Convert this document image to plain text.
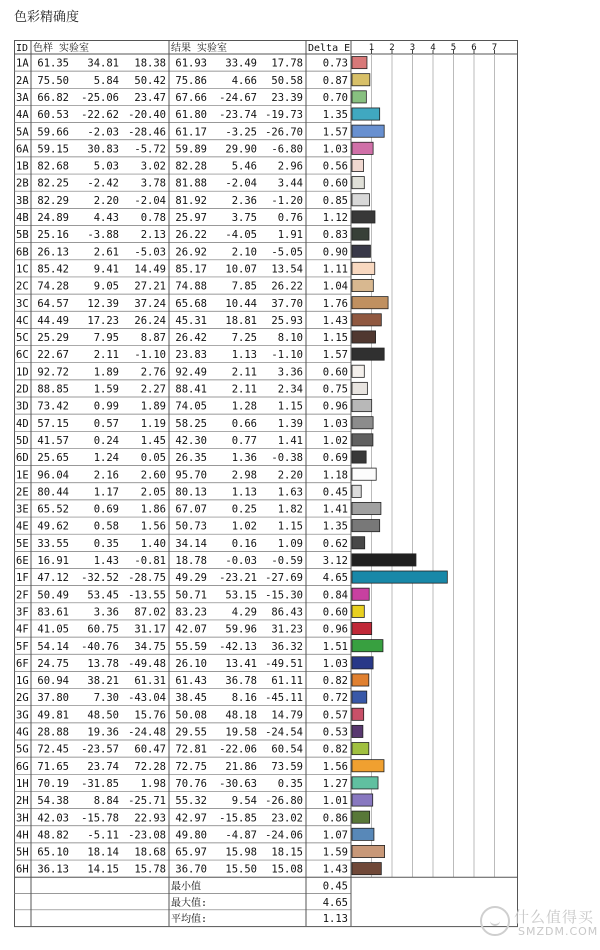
色彩精确度
ID 色样 实验室	结果 实验室	Delta E 1 2 3 4 5 6 7
1A 61.35 34.81 18.38 61.93 33.49 17.78 0.73
2A 75.50 5.84 50.42 75.86 4.66 50.58 0.87
3A 66.82 -25.06 23.47 67.66 -24.67 23.39 0.70
4A 60.53 -22.62 -20.40 61.80 -23.74 -19.73 1.35
5A 59.66 -2.03 -28.46 61.17 -3.25 -26.70 1.57
6A 59.15 30.83 -5.72 59.89 29.90 -6.80 1.03
1B 82.68 5.03 3.02 82.28 5.46 2.96 0.56
2B 82.25 -2.42 3.78 81.88 -2.04 3.44 0.60
3B 82.29 2.20 -2.04 81.92 2.36 -1.20 0.85
4B 24.89 4.43 0.78 25.97 3.75 0.76 1.12
5B 25.16 -3.88 2.13 26.22 -4.05 1.91 0.83
6B 26.13 2.61 -5.03 26.92 2.10 -5.05 0.90
1C 85.42 9.41 14.49 85.17 10.07 13.54 1.11
2C 74.28 9.05 27.21 74.88 7.85 26.22 1.04
3C 64.57 12.39 37.24 65.68 10.44 37.70 1.76
4C 44.49 17.23 26.24 45.31 18.81 25.93 1.43
5C 25.29 7.95 8.87 26.42 7.25 8.10 1.15
6C 22.67 2.11 -1.10 23.83 1.13 -1.10 1.57
1D 92.72 1.89 2.76 92.49 2.11 3.36 0.60
2D 88.85 1.59 2.27 88.41 2.11 2.34 0.75
3D 73.42 0.99 1.89 74.05 1.28 1.15 0.96
4D 57.15 0.57 1.19 58.25 0.66 1.39 1.03
5D 41.57 0.24 1.45 42.30 0.77 1.41 1.02
6D 25.65 1.24 0.05 26.35 1.36 -0.38 0.69
1E 96.04 2.16 2.60 95.70 2.98 2.20 1.18
2E 80.44 1.17 2.05 80.13 1.13 1.63 0.45
3E 65.52 0.69 1.86 67.07 0.25 1.82 1.41
4E 49.62 0.58 1.56 50.73 1.02 1.15 1.35
5E 33.55 0.35 1.40 34.14 0.16 1.09 0.62
6E 16.91 1.43 -0.81 18.78 -0.03 -0.59 3.12
1F 47.12 -32.52 -28.75 49.29 -23.21 -27.69 4.65
2F 50.49 53.45 -13.55 50.71 53.15 -15.30 0.84
3F 83.61 3.36 87.02 83.23 4.29 86.43 0.60
4F 41.05 60.75 31.17 42.07 59.96 31.23 0.96
5F 54.14 -40.76 34.75 55.59 -42.13 36.32 1.51
6F 24.75 13.78 -49.48 26.10 13.41 -49.51 1.03
1G 60.94 38.21 61.31 61.43 36.78 61.11 0.82
2G 37.80 7.30 -43.04 38.45 8.16 -45.11 0.72
3G 49.81 48.50 15.76 50.08 48.18 14.79 0.57
4G 28.88 19.36 -24.48 29.55 19.58 -24.54 0.53
5G 72.45 -23.57 60.47 72.81 -22.06 60.54 0.82
6G 71.65 23.74 72.28 72.75 21.86 73.59 1.56
1H 70.19 -31.85 1.98 70.76 -30.63 0.35 1.27
2H 54.38 8.84 -25.71 55.32 9.54 -26.80 1.01
3H 42.03 -15.78 22.93 42.97 -15.85 23.02 0.86
4H 48.82 -5.11 -23.08 49.80 -4.87 -24.06 1.07
5H 65.10 18.14 18.68 65.97 15.98 18.15 1.59
6H 36.13 14.15 15.78 36.70 15.50 15.08 1.43
最小值	0.45
最大值:	4.65
平均值:	1.13	什么值得买
SMZDM.COM
